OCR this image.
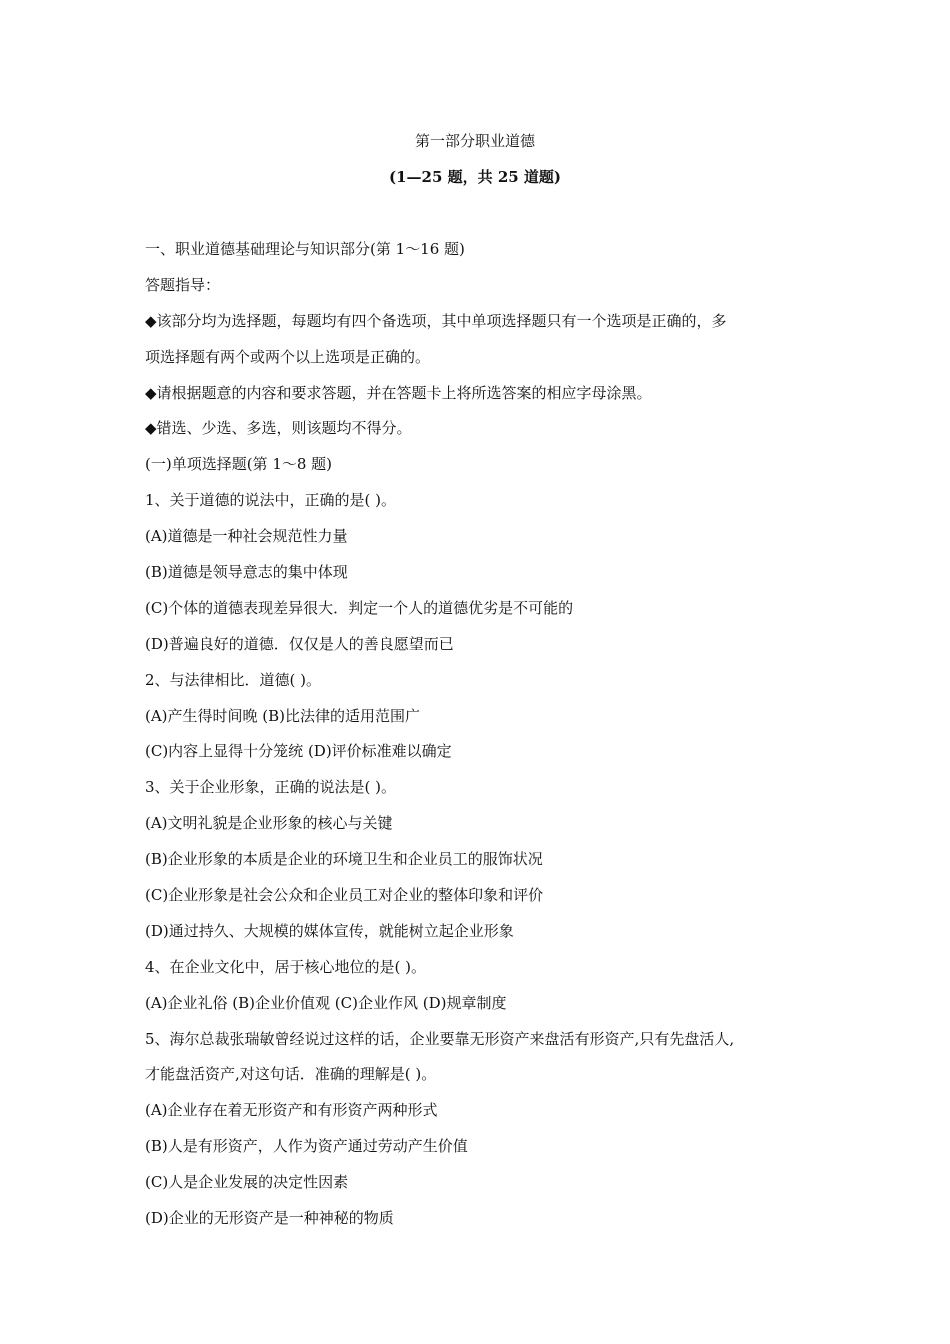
第一部分职业道德
(1—25 题，共 25 道题)
一、职业道德基础理论与知识部分(第 1～16 题)
答题指导：
◆该部分均为选择题，每题均有四个备选项，其中单项选择题只有一个选项是正确的，多
项选择题有两个或两个以上选项是正确的。
◆请根据题意的内容和要求答题，并在答题卡上将所选答案的相应字母涂黑。
◆错选、少选、多选，则该题均不得分。
(一)单项选择题(第 1～8 题)
1、关于道德的说法中，正确的是( )。
(A)道德是一种社会规范性力量
(B)道德是领导意志的集中体现
(C)个体的道德表现差异很大．判定一个人的道德优劣是不可能的
(D)普遍良好的道德．仅仅是人的善良愿望而已
2、与法律相比．道德( )。
(A)产生得时间晚 (B)比法律的适用范围广
(C)内容上显得十分笼统 (D)评价标准难以确定
3、关于企业形象，正确的说法是( )。
(A)文明礼貌是企业形象的核心与关键
(B)企业形象的本质是企业的环境卫生和企业员工的服饰状况
(C)企业形象是社会公众和企业员工对企业的整体印象和评价
(D)通过持久、大规模的媒体宣传，就能树立起企业形象
4、在企业文化中，居于核心地位的是( )。
(A)企业礼俗 (B)企业价值观 (C)企业作风 (D)规章制度
5、海尔总裁张瑞敏曾经说过这样的话，企业要靠无形资产来盘活有形资产,只有先盘活人,
才能盘活资产,对这句话．准确的理解是( )。
(A)企业存在着无形资产和有形资产两种形式
(B)人是有形资产，人作为资产通过劳动产生价值
(C)人是企业发展的决定性因素
(D)企业的无形资产是一种神秘的物质
